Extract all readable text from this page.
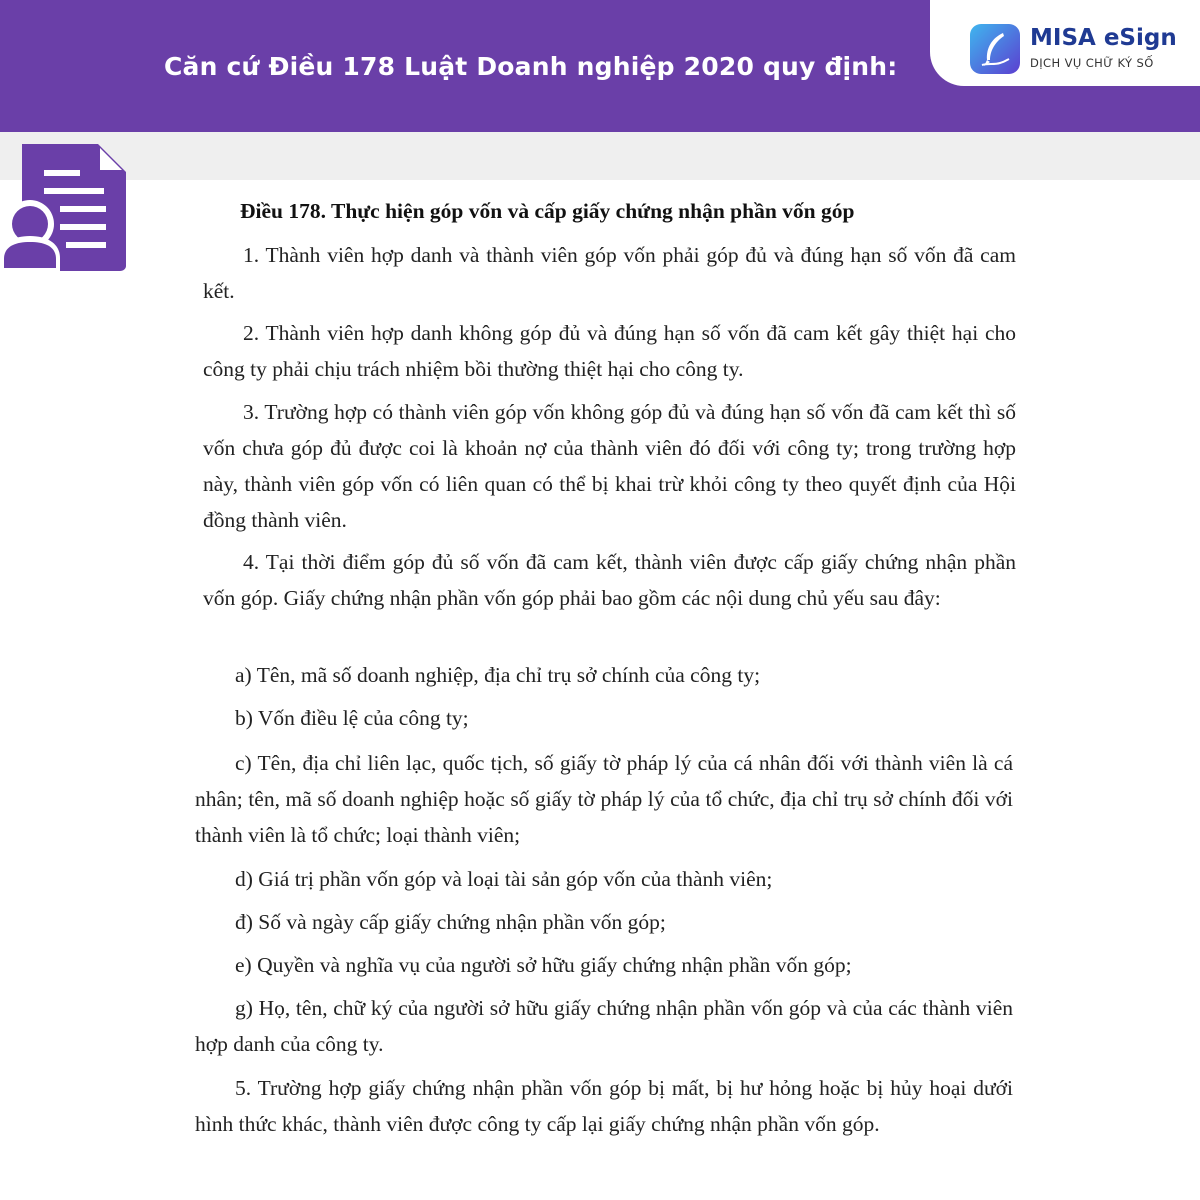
Căn cứ Điều 178 Luật Doanh nghiệp 2020 quy định:
MISA eSign
DỊCH VỤ CHỮ KÝ SỐ
Điều 178. Thực hiện góp vốn và cấp giấy chứng nhận phần vốn góp
1. Thành viên hợp danh và thành viên góp vốn phải góp đủ và đúng hạn số vốn đã cam kết.
2. Thành viên hợp danh không góp đủ và đúng hạn số vốn đã cam kết gây thiệt hại cho công ty phải chịu trách nhiệm bồi thường thiệt hại cho công ty.
3. Trường hợp có thành viên góp vốn không góp đủ và đúng hạn số vốn đã cam kết thì số vốn chưa góp đủ được coi là khoản nợ của thành viên đó đối với công ty; trong trường hợp này, thành viên góp vốn có liên quan có thể bị khai trừ khỏi công ty theo quyết định của Hội đồng thành viên.
4. Tại thời điểm góp đủ số vốn đã cam kết, thành viên được cấp giấy chứng nhận phần vốn góp. Giấy chứng nhận phần vốn góp phải bao gồm các nội dung chủ yếu sau đây:
a) Tên, mã số doanh nghiệp, địa chỉ trụ sở chính của công ty;
b) Vốn điều lệ của công ty;
c) Tên, địa chỉ liên lạc, quốc tịch, số giấy tờ pháp lý của cá nhân đối với thành viên là cá nhân; tên, mã số doanh nghiệp hoặc số giấy tờ pháp lý của tổ chức, địa chỉ trụ sở chính đối với thành viên là tổ chức; loại thành viên;
d) Giá trị phần vốn góp và loại tài sản góp vốn của thành viên;
đ) Số và ngày cấp giấy chứng nhận phần vốn góp;
e) Quyền và nghĩa vụ của người sở hữu giấy chứng nhận phần vốn góp;
g) Họ, tên, chữ ký của người sở hữu giấy chứng nhận phần vốn góp và của các thành viên hợp danh của công ty.
5. Trường hợp giấy chứng nhận phần vốn góp bị mất, bị hư hỏng hoặc bị hủy hoại dưới hình thức khác, thành viên được công ty cấp lại giấy chứng nhận phần vốn góp.
